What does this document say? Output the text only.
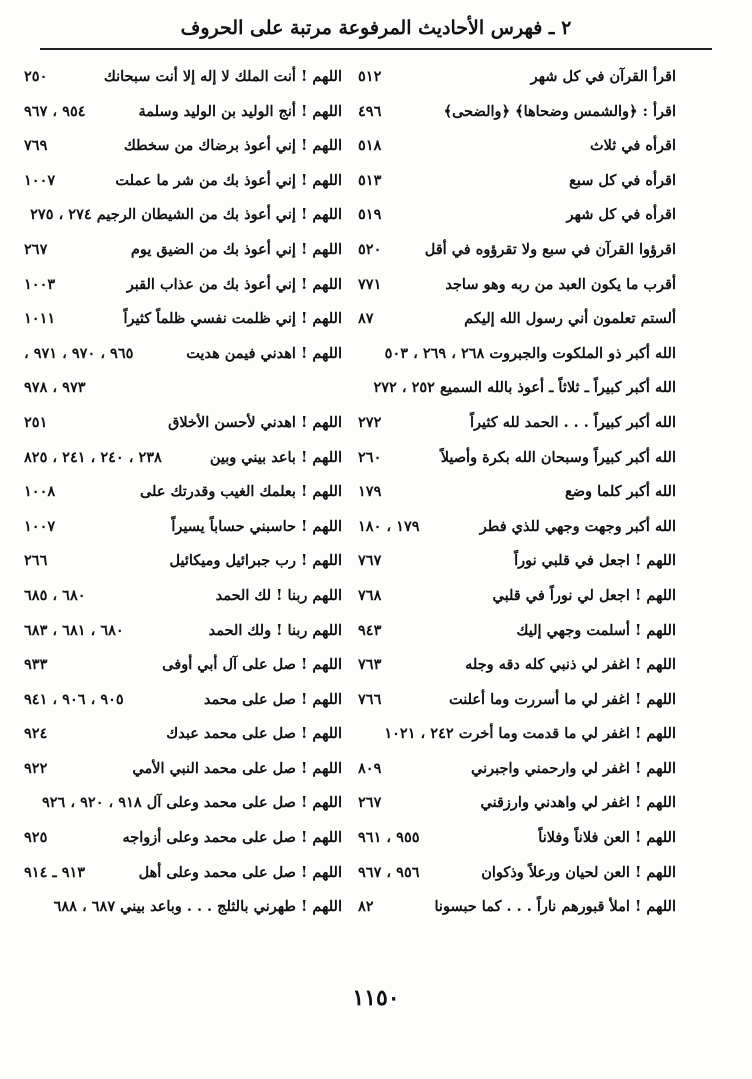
٢ ـ فهرس الأحاديث المرفوعة مرتبة على الحروف
اقرأ القرآن في كل شهر
٥١٢
اقرأ : ﴿والشمس وضحاها﴾ ﴿والضحى﴾
٤٩٦
اقرأه في ثلاث
٥١٨
اقرأه في كل سبع
٥١٣
اقرأه في كل شهر
٥١٩
اقرؤوا القرآن في سبع ولا تقرؤوه في أقل
٥٢٠
أقرب ما يكون العبد من ربه وهو ساجد
٧٧١
ألستم تعلمون أني رسول الله إليكم
٨٧
الله أكبر ذو الملكوت والجبروت ٢٦٨ ، ٢٦٩ ، ٥٠٣
الله أكبر كبيراً ـ ثلاثاً ـ أعوذ بالله السميع ٢٥٢ ، ٢٧٢
الله أكبر كبيراً . . . الحمد لله كثيراً
٢٧٢
الله أكبر كبيراً وسبحان الله بكرة وأصيلاً
٢٦٠
الله أكبر كلما وضع
١٧٩
الله أكبر وجهت وجهي للذي فطر
١٧٩ ، ١٨٠
اللهم ! اجعل في قلبي نوراً
٧٦٧
اللهم ! اجعل لي نوراً في قلبي
٧٦٨
اللهم ! أسلمت وجهي إليك
٩٤٣
اللهم ! اغفر لي ذنبي كله دقه وجله
٧٦٣
اللهم ! اغفر لي ما أسررت وما أعلنت
٧٦٦
اللهم ! اغفر لي ما قدمت وما أخرت ٢٤٢ ، ١٠٢١
اللهم ! اغفر لي وارحمني واجبرني
٨٠٩
اللهم ! اغفر لي واهدني وارزقني
٢٦٧
اللهم ! العن فلاناً وفلاناً
٩٥٥ ، ٩٦١
اللهم ! العن لحيان ورعلاً وذكوان
٩٥٦ ، ٩٦٧
اللهم ! املأ قبورهم ناراً . . . كما حبسونا
٨٢
اللهم ! أنت الملك لا إله إلا أنت سبحانك
٢٥٠
اللهم ! أنج الوليد بن الوليد وسلمة
٩٥٤ ، ٩٦٧
اللهم ! إني أعوذ برضاك من سخطك
٧٦٩
اللهم ! إني أعوذ بك من شر ما عملت
١٠٠٧
اللهم ! إني أعوذ بك من الشيطان الرجيم ٢٧٤ ، ٢٧٥
اللهم ! إني أعوذ بك من الضيق يوم
٢٦٧
اللهم ! إني أعوذ بك من عذاب القبر
١٠٠٣
اللهم ! إني ظلمت نفسي ظلماً كثيراً
١٠١١
اللهم ! اهدني فيمن هديت
٩٦٥ ، ٩٧٠ ، ٩٧١ ،
٩٧٣ ، ٩٧٨
اللهم ! اهدني لأحسن الأخلاق
٢٥١
اللهم ! باعد بيني وبين
٢٣٨ ، ٢٤٠ ، ٢٤١ ، ٨٢٥
اللهم ! بعلمك الغيب وقدرتك على
١٠٠٨
اللهم ! حاسبني حساباً يسيراً
١٠٠٧
اللهم ! رب جبرائيل وميكائيل
٢٦٦
اللهم ربنا ! لك الحمد
٦٨٠ ، ٦٨٥
اللهم ربنا ! ولك الحمد
٦٨٠ ، ٦٨١ ، ٦٨٣
اللهم ! صل على آل أبي أوفى
٩٣٣
اللهم ! صل على محمد
٩٠٥ ، ٩٠٦ ، ٩٤١
اللهم ! صل على محمد عبدك
٩٢٤
اللهم ! صل على محمد النبي الأمي
٩٢٢
اللهم ! صل على محمد وعلى آل ٩١٨ ، ٩٢٠ ، ٩٢٦
اللهم ! صل على محمد وعلى أزواجه
٩٢٥
اللهم ! صل على محمد وعلى أهل
٩١٣ ـ ٩١٤
اللهم ! طهرني بالثلج . . . وباعد بيني ٦٨٧ ، ٦٨٨
١١٥٠
